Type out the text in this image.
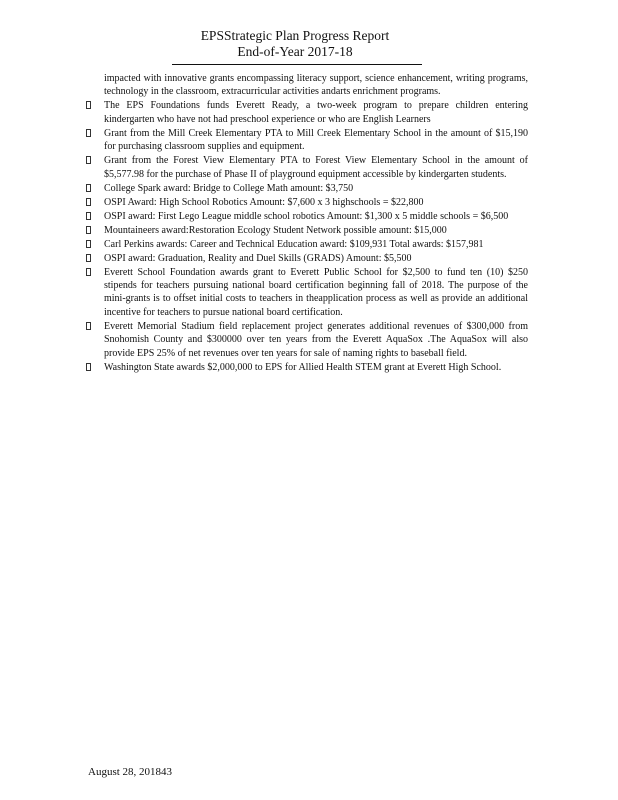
EPSStrategic Plan Progress Report
End-of-Year 2017-18
impacted with innovative grants encompassing literacy support, science enhancement, writing programs, technology in the classroom, extracurricular activities andarts enrichment programs.
The EPS Foundations funds Everett Ready, a two-week program to prepare children entering kindergarten who have not had preschool experience or who are English Learners
Grant from the Mill Creek Elementary PTA to Mill Creek Elementary School in the amount of $15,190 for purchasing classroom supplies and equipment.
Grant from the Forest View Elementary PTA to Forest View Elementary School in the amount of $5,577.98 for the purchase of Phase II of playground equipment accessible by kindergarten students.
College Spark award: Bridge to College Math amount: $3,750
OSPI Award: High School Robotics Amount: $7,600 x 3 highschools = $22,800
OSPI award: First Lego League middle school robotics Amount: $1,300 x 5 middle schools = $6,500
Mountaineers award:Restoration Ecology Student Network possible amount: $15,000
Carl Perkins awards: Career and Technical Education award: $109,931 Total awards: $157,981
OSPI award: Graduation, Reality and Duel Skills (GRADS) Amount: $5,500
Everett School Foundation awards grant to Everett Public School for $2,500 to fund ten (10) $250 stipends for teachers pursuing national board certification beginning fall of 2018. The purpose of the mini-grants is to offset initial costs to teachers in theapplication process as well as provide an additional incentive for teachers to pursue national board certification.
Everett Memorial Stadium field replacement project generates additional revenues of $300,000 from Snohomish County and $300000 over ten years from the Everett AquaSox .The AquaSox will also provide EPS 25% of net revenues over ten years for sale of naming rights to baseball field.
Washington State awards $2,000,000 to EPS for Allied Health STEM grant at Everett High School.
August 28, 201843
